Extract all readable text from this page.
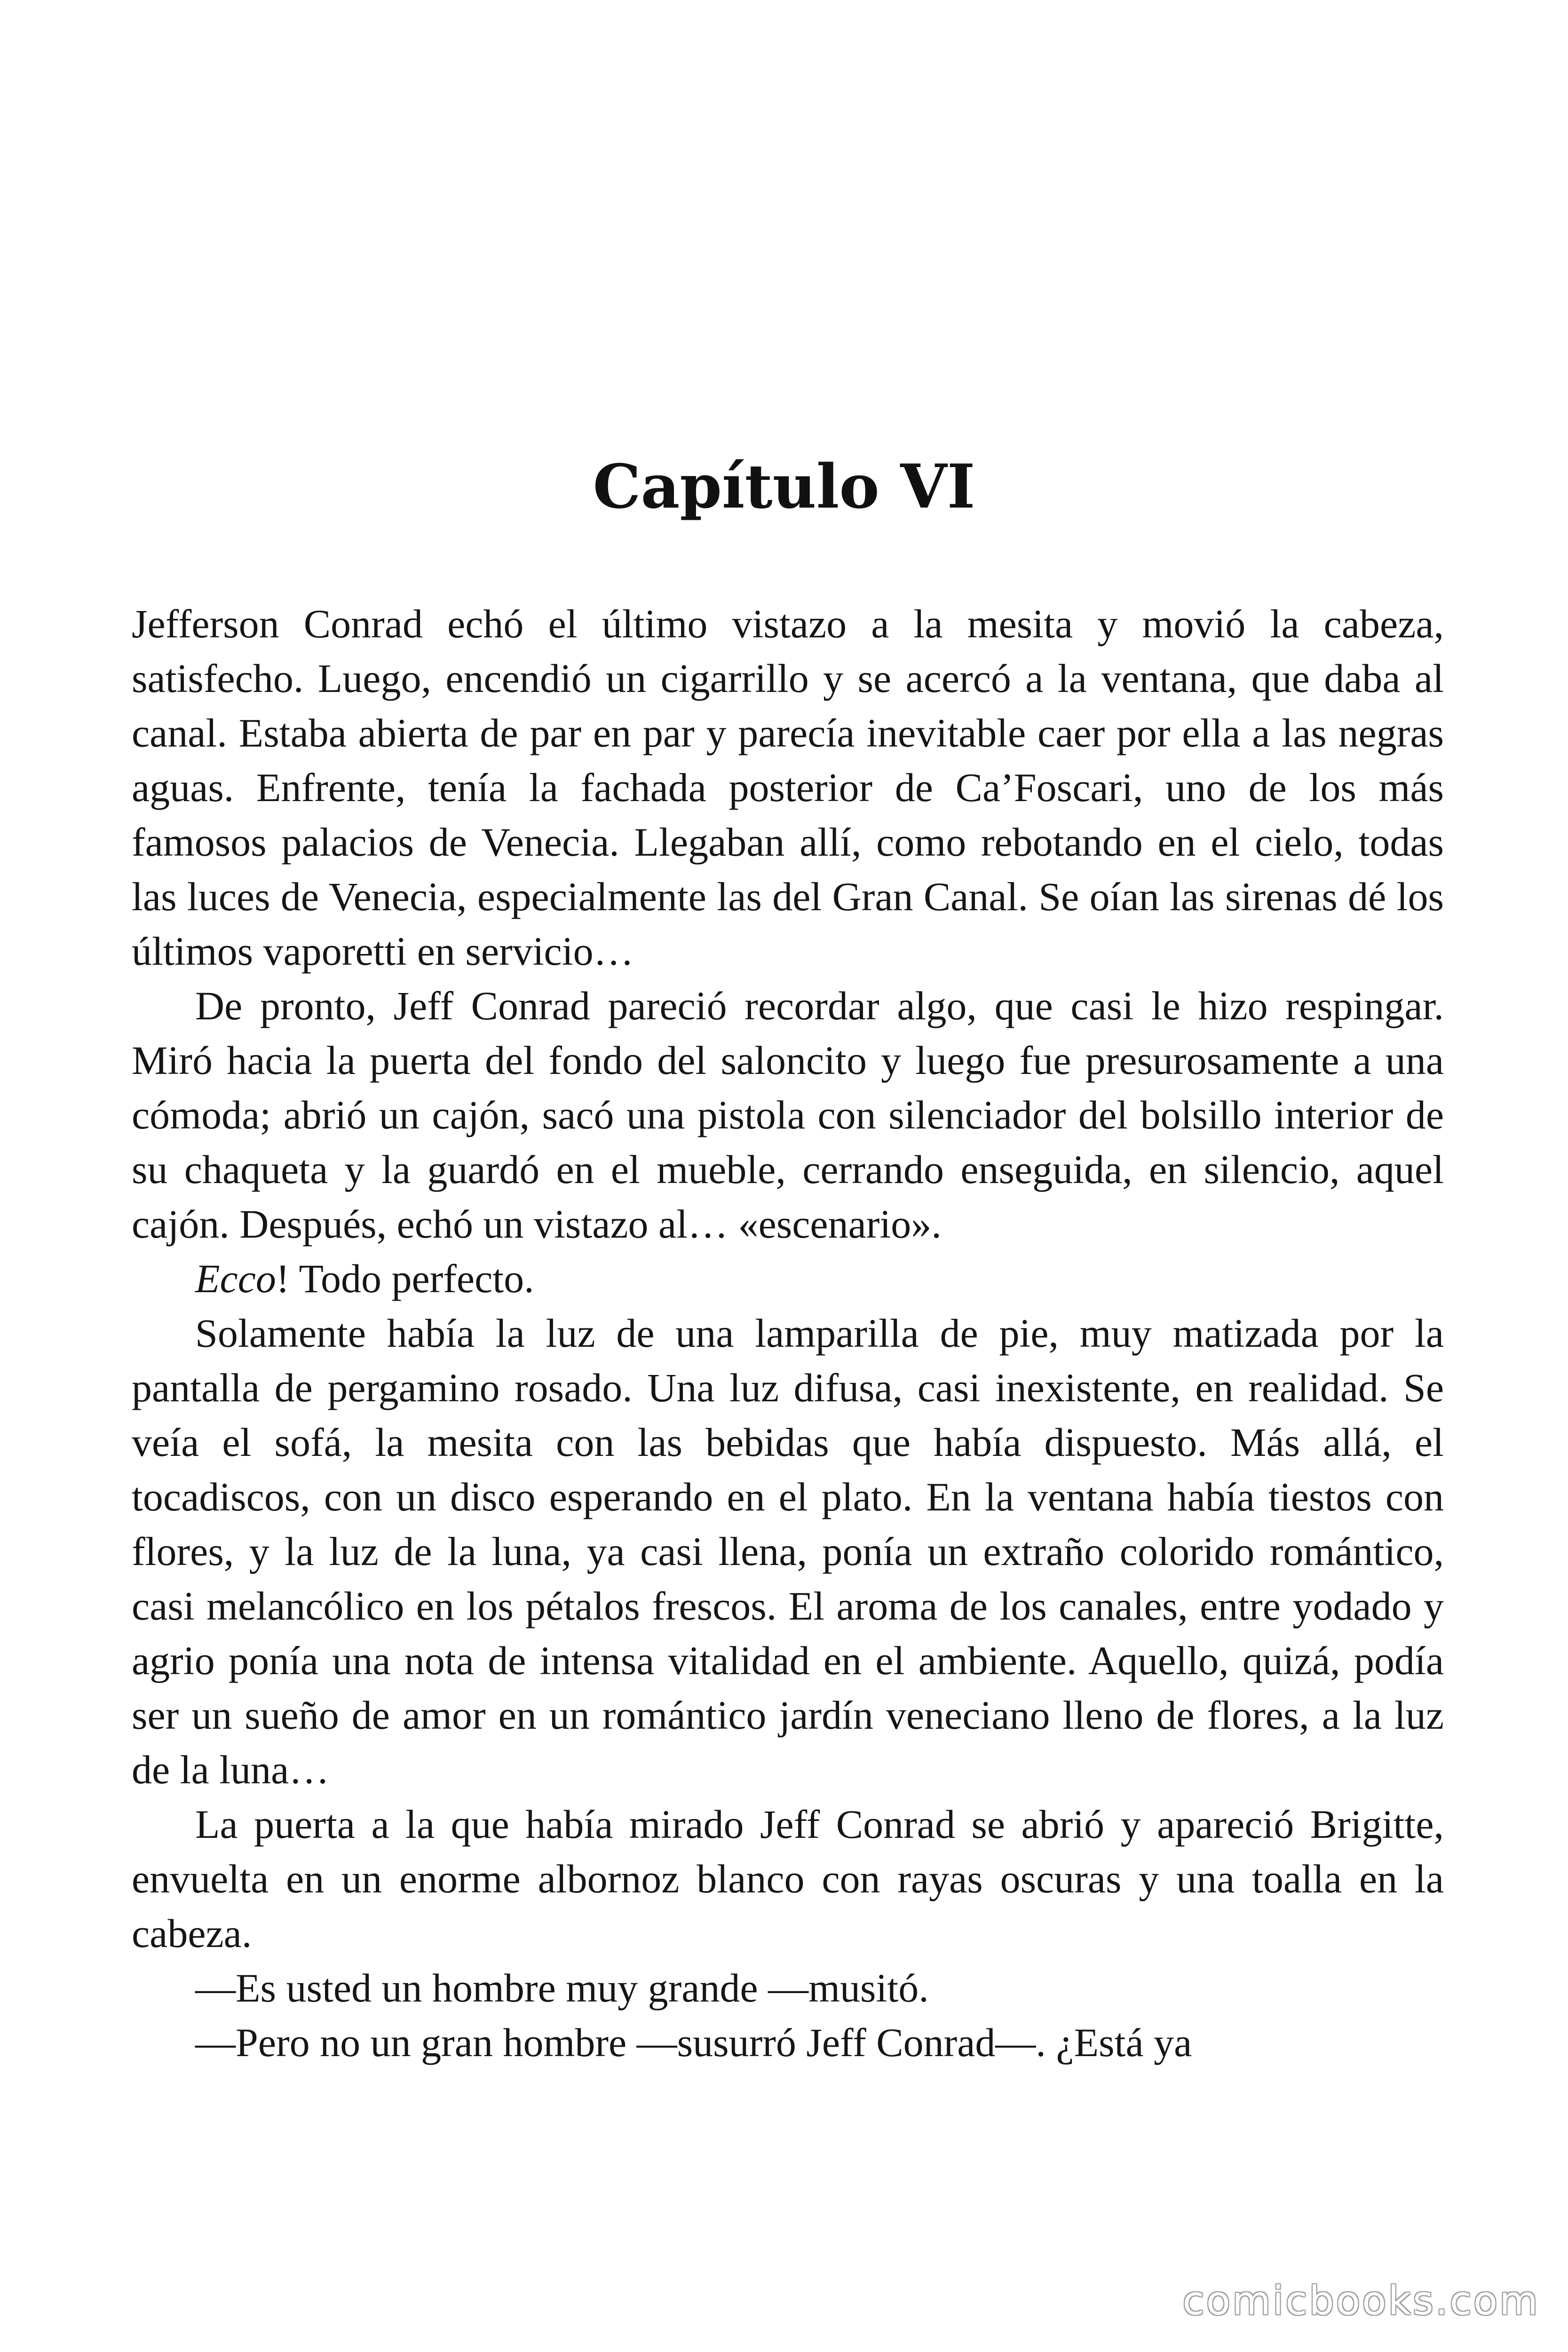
Capítulo VI

Jefferson Conrad echó el último vistazo a la mesita y movió la cabeza, satisfecho. Luego, encendió un cigarrillo y se acercó a la ventana, que daba al canal. Estaba abierta de par en par y parecía inevitable caer por ella a las negras aguas. Enfrente, tenía la fachada posterior de Ca’Foscari, uno de los más famosos palacios de Venecia. Llegaban allí, como rebotando en el cielo, todas las luces de Venecia, especialmente las del Gran Canal. Se oían las sirenas dé los últimos vaporetti en servicio…

De pronto, Jeff Conrad pareció recordar algo, que casi le hizo respingar. Miró hacia la puerta del fondo del saloncito y luego fue presurosamente a una cómoda; abrió un cajón, sacó una pistola con silenciador del bolsillo interior de su chaqueta y la guardó en el mueble, cerrando enseguida, en silencio, aquel cajón. Después, echó un vistazo al… «escenario».

Ecco! Todo perfecto.

Solamente había la luz de una lamparilla de pie, muy matizada por la pantalla de pergamino rosado. Una luz difusa, casi inexistente, en realidad. Se veía el sofá, la mesita con las bebidas que había dispuesto. Más allá, el tocadiscos, con un disco esperando en el plato. En la ventana había tiestos con flores, y la luz de la luna, ya casi llena, ponía un extraño colorido romántico, casi melancólico en los pétalos frescos. El aroma de los canales, entre yodado y agrio ponía una nota de intensa vitalidad en el ambiente. Aquello, quizá, podía ser un sueño de amor en un romántico jardín veneciano lleno de flores, a la luz de la luna…

La puerta a la que había mirado Jeff Conrad se abrió y apareció Brigitte, envuelta en un enorme albornoz blanco con rayas oscuras y una toalla en la cabeza.

—Es usted un hombre muy grande —musitó.

—Pero no un gran hombre —susurró Jeff Conrad—. ¿Está ya

comicbooks.com
